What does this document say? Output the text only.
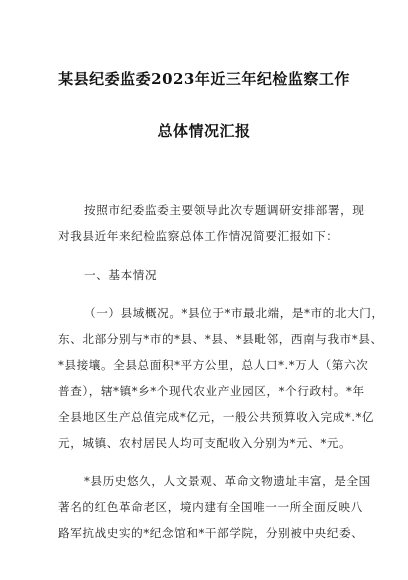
某县纪委监委2023年近三年纪检监察工作
总体情况汇报
按照市纪委监委主要领导此次专题调研安排部署，现
对我县近年来纪检监察总体工作情况简要汇报如下：
一、基本情况
（一）县域概况。*县位于*市最北端，是*市的北大门，
东、北部分别与*市的*县、*县、*县毗邻，西南与我市*县、
*县接壤。全县总面积*平方公里，总人口*.*万人（第六次
普查），辖*镇*乡*个现代农业产业园区，*个行政村。*年
全县地区生产总值完成*亿元，一般公共预算收入完成*.*亿
元，城镇、农村居民人均可支配收入分别为*元、*元。
*县历史悠久，人文景观、革命文物遗址丰富，是全国
著名的红色革命老区，境内建有全国唯一一所全面反映八
路军抗战史实的*纪念馆和*干部学院，分别被中央纪委、
